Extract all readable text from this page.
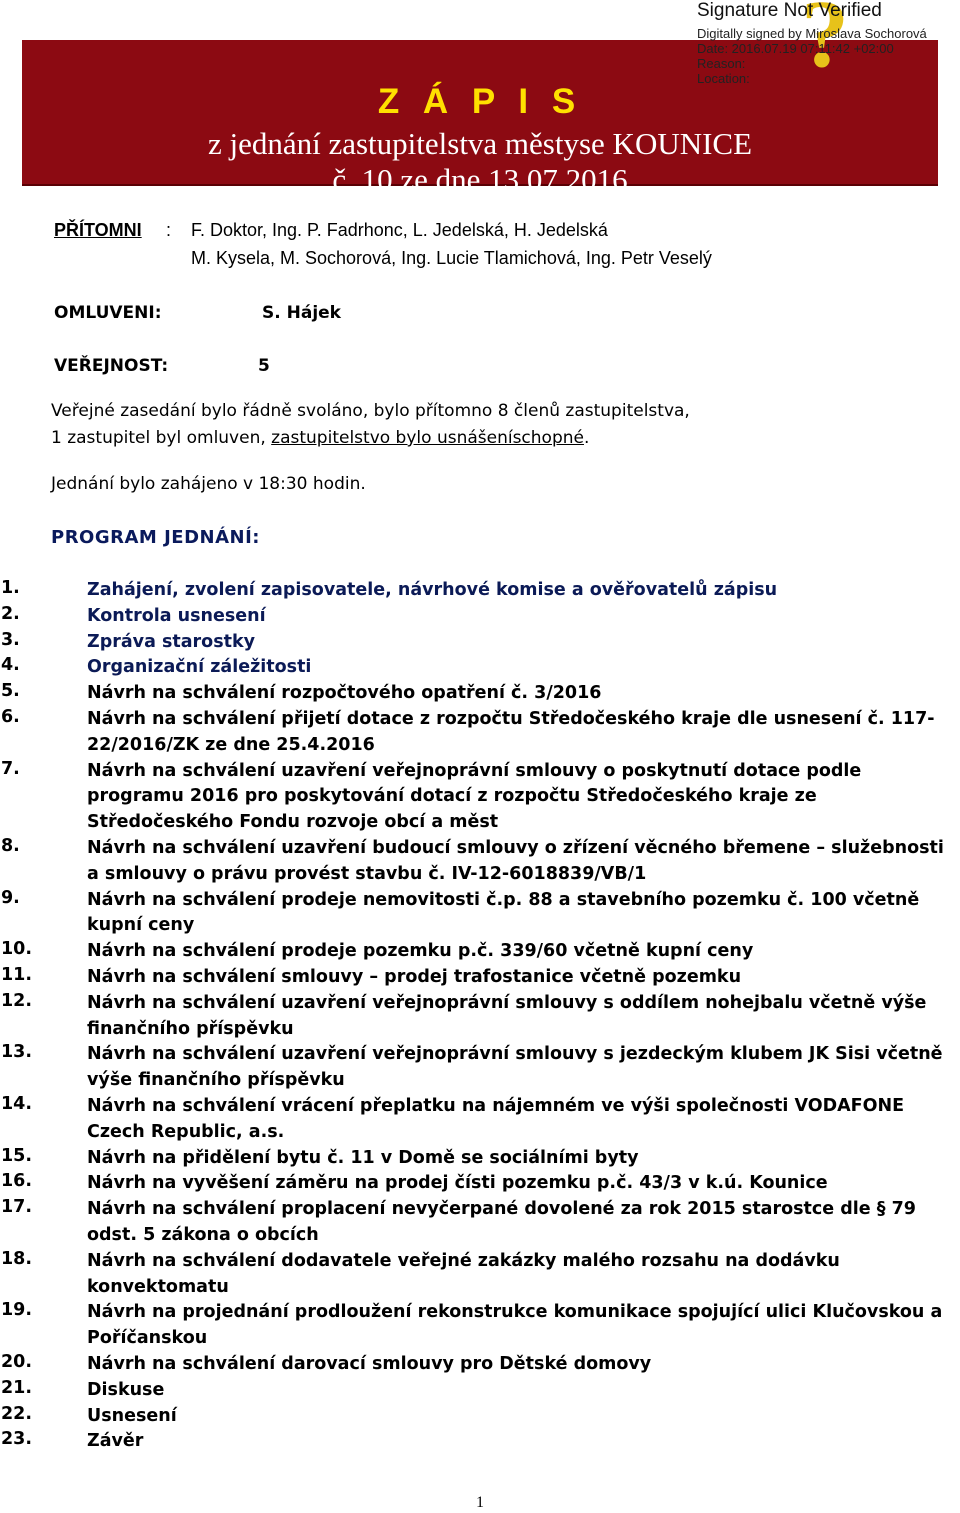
Z Á P I S
z jednání zastupitelstva městyse KOUNICE
č. 10 ze dne 13.07.2016
?
Signature Not Verified
Digitally signed by Miroslava Sochorová
Date: 2016.07.19 07:11:42 +02:00
Reason:
Location:
PŘÍTOMNI : F. Doktor, Ing. P. Fadrhonc, L. Jedelská, H. Jedelská
M. Kysela, M. Sochorová, Ing. Lucie Tlamichová, Ing. Petr Veselý
OMLUVENI:	S. Hájek
VEŘEJNOST:	5
Veřejné zasedání bylo řádně svoláno, bylo přítomno 8 členů zastupitelstva,
1 zastupitel byl omluven, zastupitelstvo bylo usnášeníschopné.
Jednání bylo zahájeno v 18:30 hodin.
PROGRAM JEDNÁNÍ:
1.	Zahájení, zvolení zapisovatele, návrhové komise a ověřovatelů zápisu
2.	Kontrola usnesení
3.	Zpráva starostky
4.	Organizační záležitosti
5.	Návrh na schválení rozpočtového opatření č. 3/2016
6.	Návrh na schválení přijetí dotace z rozpočtu Středočeského kraje dle usnesení č. 117-22/2016/ZK ze dne 25.4.2016
7.	Návrh na schválení uzavření veřejnoprávní smlouvy o poskytnutí dotace podle programu 2016 pro poskytování dotací z rozpočtu Středočeského kraje ze Středočeského Fondu rozvoje obcí a měst
8.	Návrh na schválení uzavření budoucí smlouvy o zřízení věcného břemene – služebnosti a smlouvy o právu provést stavbu č. IV-12-6018839/VB/1
9.	Návrh na schválení prodeje nemovitosti č.p. 88 a stavebního pozemku č. 100 včetně kupní ceny
10.	Návrh na schválení prodeje pozemku p.č. 339/60 včetně kupní ceny
11.	Návrh na schválení smlouvy – prodej trafostanice včetně pozemku
12.	Návrh na schválení uzavření veřejnoprávní smlouvy s oddílem nohejbalu včetně výše finančního příspěvku
13.	Návrh na schválení uzavření veřejnoprávní smlouvy s jezdeckým klubem JK Sisi včetně výše finančního příspěvku
14.	Návrh na schválení vrácení přeplatku na nájemném ve výši společnosti VODAFONE Czech Republic, a.s.
15.	Návrh na přidělení bytu č. 11 v Domě se sociálními byty
16.	Návrh na vyvěšení záměru na prodej čísti pozemku p.č. 43/3 v k.ú. Kounice
17.	Návrh na schválení proplacení nevyčerpané dovolené za rok 2015 starostce dle § 79 odst. 5 zákona o obcích
18.	Návrh na schválení dodavatele veřejné zakázky malého rozsahu na dodávku konvektomatu
19.	Návrh na projednání prodloužení rekonstrukce komunikace spojující ulici Klučovskou a Poříčanskou
20.	Návrh na schválení darovací smlouvy pro Dětské domovy
21.	Diskuse
22.	Usnesení
23.	Závěr
1
